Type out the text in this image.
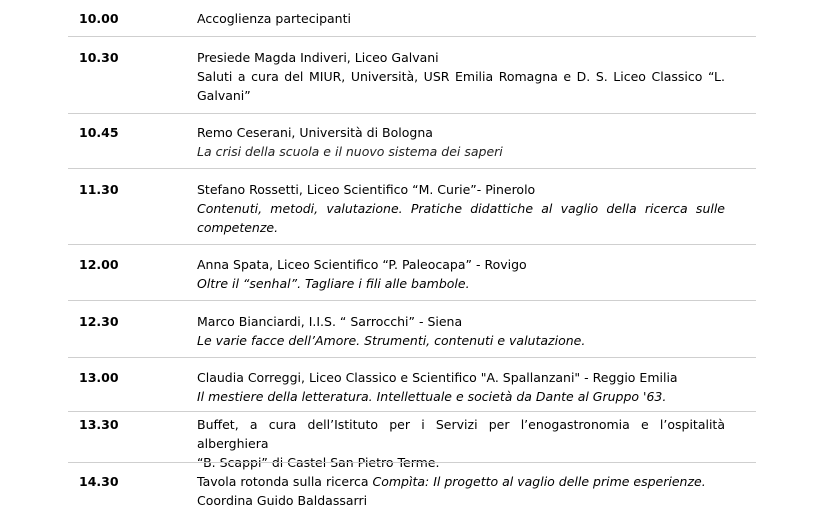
10.00	Accoglienza partecipanti
10.30	Presiede Magda Indiveri, Liceo Galvani
Saluti a cura del MIUR, Università, USR Emilia Romagna e D. S. Liceo Classico “L.
Galvani”
10.45	Remo Ceserani, Università di Bologna
La crisi della scuola e il nuovo sistema dei saperi
11.30	Stefano Rossetti, Liceo Scientifico “M. Curie”- Pinerolo
Contenuti, metodi, valutazione. Pratiche didattiche al vaglio della ricerca sulle
competenze.
12.00	Anna Spata, Liceo Scientifico “P. Paleocapa” - Rovigo
Oltre il “senhal”. Tagliare i fili alle bambole.
12.30	Marco Bianciardi, I.I.S. “ Sarrocchi” - Siena
Le varie facce dell’Amore. Strumenti, contenuti e valutazione.
13.00	Claudia Correggi, Liceo Classico e Scientifico "A. Spallanzani" - Reggio Emilia
Il mestiere della letteratura. Intellettuale e società da Dante al Gruppo '63.
13.30	Buffet, a cura dell’Istituto per i Servizi per l’enogastronomia e l’ospitalità alberghiera
“B. Scappi” di Castel San Pietro Terme.
14.30	Tavola rotonda sulla ricerca Compìta: Il progetto al vaglio delle prime esperienze.
Coordina Guido Baldassarri
